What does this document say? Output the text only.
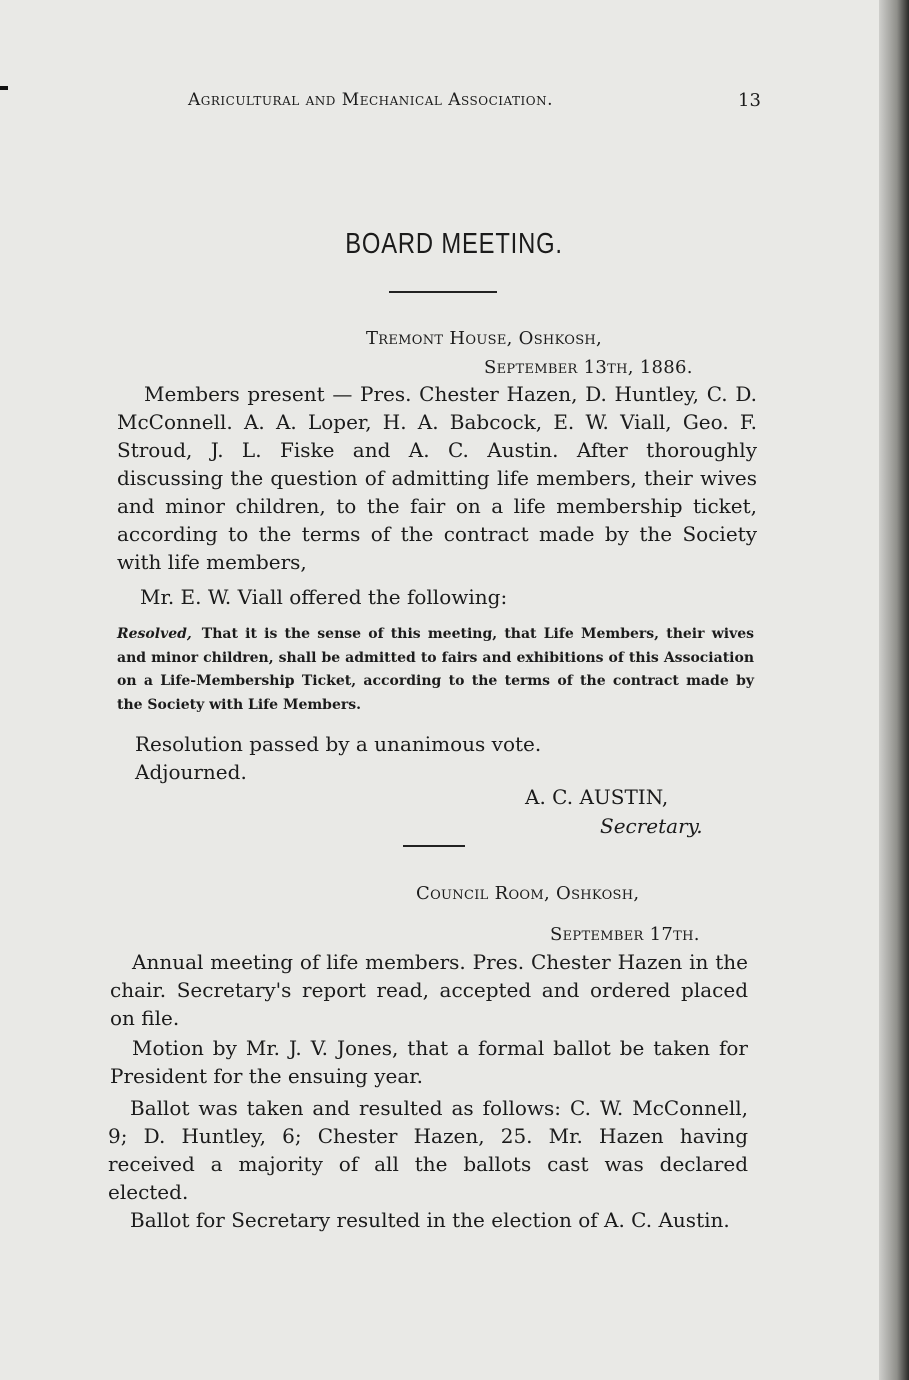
Agricultural and Mechanical Association.	13
BOARD MEETING.
Tremont House, Oshkosh,
September 13th, 1886.
Members present — Pres. Chester Hazen, D. Huntley, C. D. McConnell. A. A. Loper, H. A. Babcock, E. W. Viall, Geo. F. Stroud, J. L. Fiske and A. C. Austin. After thoroughly discussing the question of admitting life members, their wives and minor children, to the fair on a life membership ticket, according to the terms of the contract made by the Society with life members,
Mr. E. W. Viall offered the following:
Resolved, That it is the sense of this meeting, that Life Members, their wives and minor children, shall be admitted to fairs and exhibitions of this Association on a Life-Membership Ticket, according to the terms of the contract made by the Society with Life Members.
Resolution passed by a unanimous vote.
Adjourned.
A. C. AUSTIN,
Secretary.
Council Room, Oshkosh,
September 17th.
Annual meeting of life members. Pres. Chester Hazen in the chair. Secretary's report read, accepted and ordered placed on file.
Motion by Mr. J. V. Jones, that a formal ballot be taken for President for the ensuing year.
Ballot was taken and resulted as follows: C. W. McConnell, 9; D. Huntley, 6; Chester Hazen, 25. Mr. Hazen having received a majority of all the ballots cast was declared elected.
Ballot for Secretary resulted in the election of A. C. Austin.
